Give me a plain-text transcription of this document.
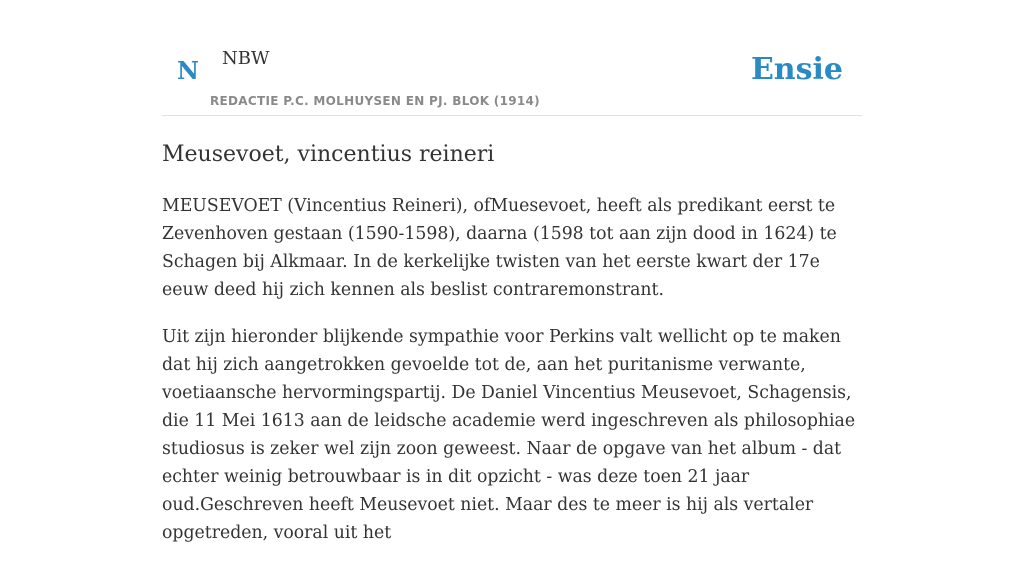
N NBW
REDACTIE P.C. MOLHUYSEN EN PJ. BLOK (1914)
Ensie
Meusevoet, vincentius reineri

MEUSEVOET (Vincentius Reineri), ofMuesevoet, heeft als predikant eerst te Zevenhoven gestaan (1590-1598), daarna (1598 tot aan zijn dood in 1624) te Schagen bij Alkmaar. In de kerkelijke twisten van het eerste kwart der 17e eeuw deed hij zich kennen als beslist contraremonstrant.

Uit zijn hieronder blijkende sympathie voor Perkins valt wellicht op te maken dat hij zich aangetrokken gevoelde tot de, aan het puritanisme verwante, voetiaansche hervormingspartij. De Daniel Vincentius Meusevoet, Schagensis, die 11 Mei 1613 aan de leidsche academie werd ingeschreven als philosophiae studiosus is zeker wel zijn zoon geweest. Naar de opgave van het album - dat echter weinig betrouwbaar is in dit opzicht - was deze toen 21 jaar oud.Geschreven heeft Meusevoet niet. Maar des te meer is hij als vertaler opgetreden, vooral uit het
